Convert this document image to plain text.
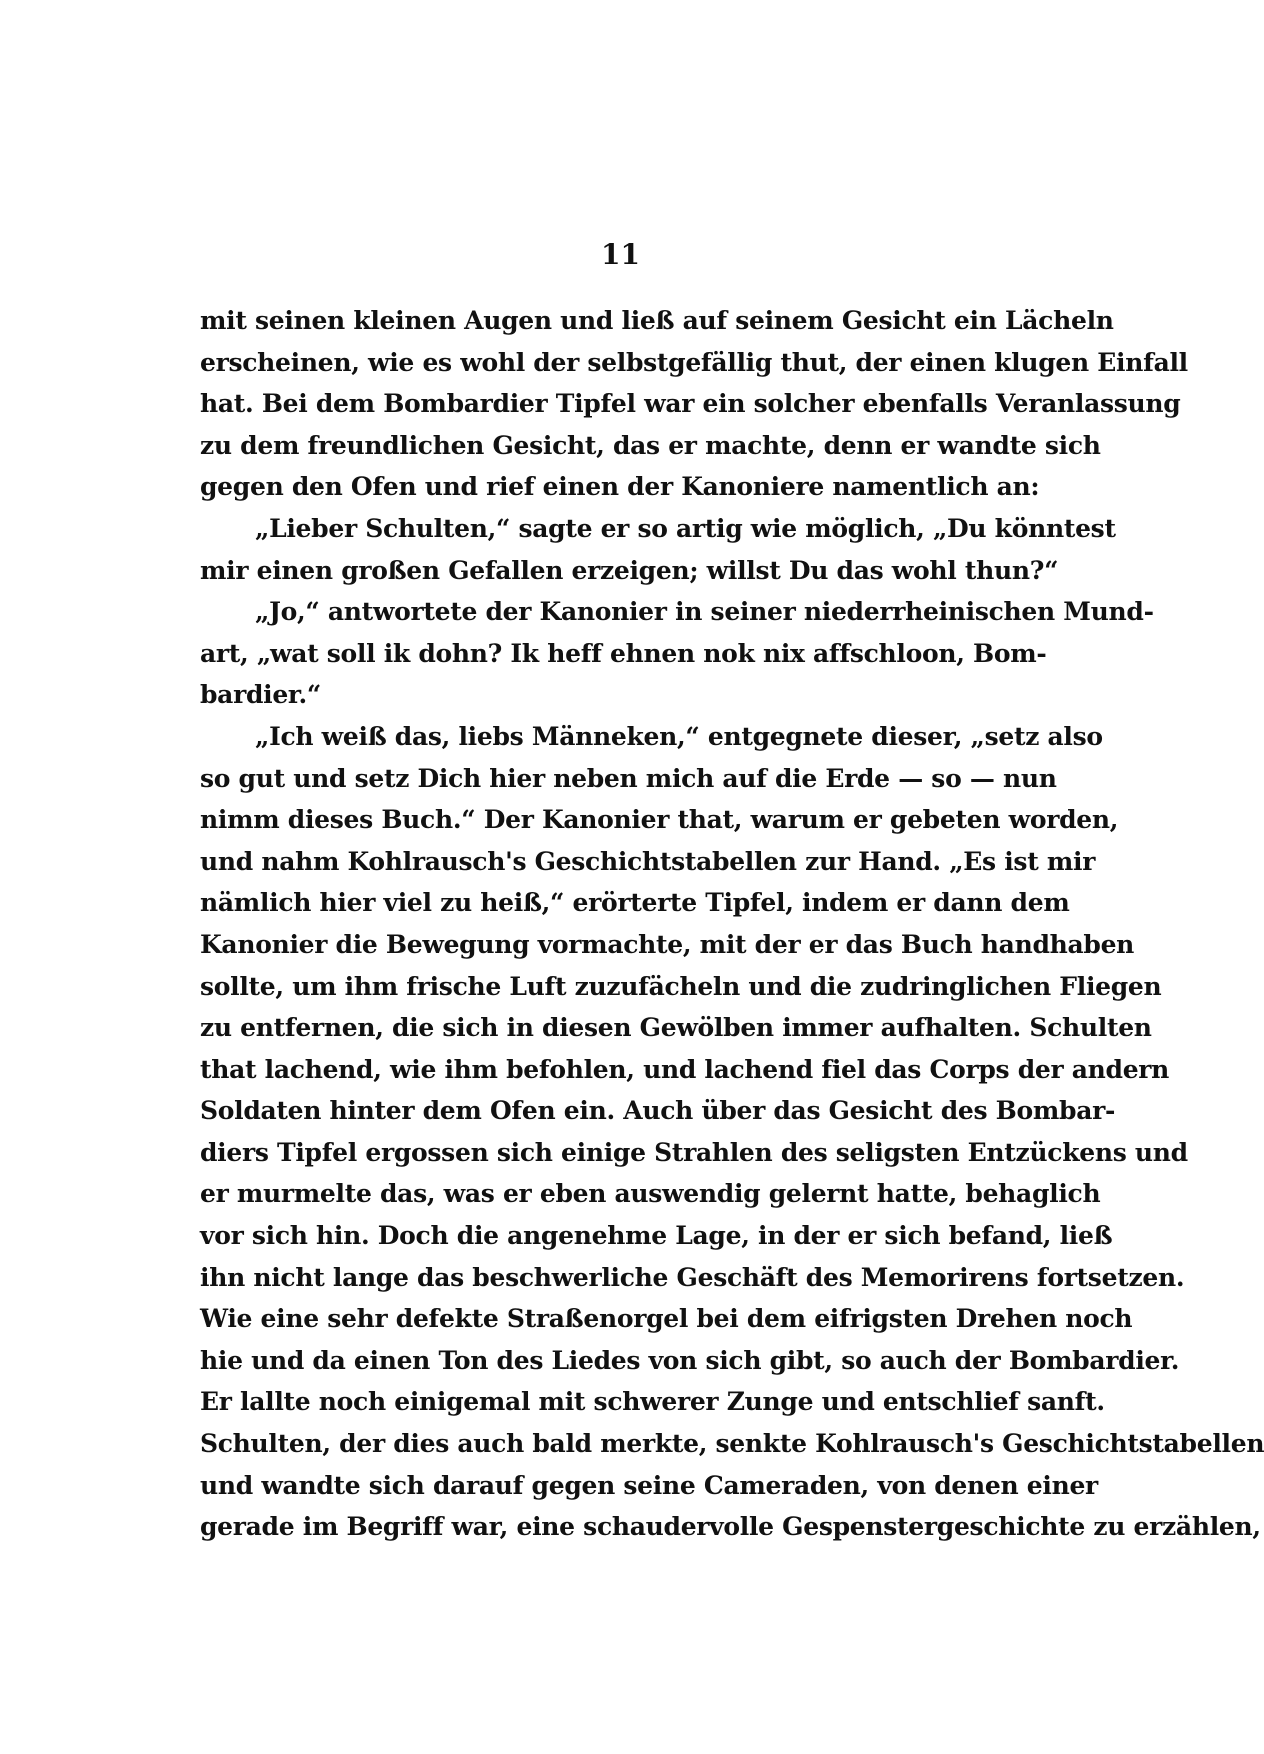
11
mit seinen kleinen Augen und ließ auf seinem Gesicht ein Lächeln
erscheinen, wie es wohl der selbstgefällig thut, der einen klugen Einfall
hat. Bei dem Bombardier Tipfel war ein solcher ebenfalls Veranlassung
zu dem freundlichen Gesicht, das er machte, denn er wandte sich
gegen den Ofen und rief einen der Kanoniere namentlich an:
„Lieber Schulten,“ sagte er so artig wie möglich, „Du könntest
mir einen großen Gefallen erzeigen; willst Du das wohl thun?“
„Jo,“ antwortete der Kanonier in seiner niederrheinischen Mund-
art, „wat soll ik dohn? Ik heff ehnen nok nix affschloon, Bom-
bardier.“
„Ich weiß das, liebs Männeken,“ entgegnete dieser, „setz also
so gut und setz Dich hier neben mich auf die Erde — so — nun
nimm dieses Buch.“ Der Kanonier that, warum er gebeten worden,
und nahm Kohlrausch's Geschichtstabellen zur Hand. „Es ist mir
nämlich hier viel zu heiß,“ erörterte Tipfel, indem er dann dem
Kanonier die Bewegung vormachte, mit der er das Buch handhaben
sollte, um ihm frische Luft zuzufächeln und die zudringlichen Fliegen
zu entfernen, die sich in diesen Gewölben immer aufhalten. Schulten
that lachend, wie ihm befohlen, und lachend fiel das Corps der andern
Soldaten hinter dem Ofen ein. Auch über das Gesicht des Bombar-
diers Tipfel ergossen sich einige Strahlen des seligsten Entzückens und
er murmelte das, was er eben auswendig gelernt hatte, behaglich
vor sich hin. Doch die angenehme Lage, in der er sich befand, ließ
ihn nicht lange das beschwerliche Geschäft des Memorirens fortsetzen.
Wie eine sehr defekte Straßenorgel bei dem eifrigsten Drehen noch
hie und da einen Ton des Liedes von sich gibt, so auch der Bombardier.
Er lallte noch einigemal mit schwerer Zunge und entschlief sanft.
Schulten, der dies auch bald merkte, senkte Kohlrausch's Geschichtstabellen
und wandte sich darauf gegen seine Cameraden, von denen einer
gerade im Begriff war, eine schaudervolle Gespenstergeschichte zu erzählen,
